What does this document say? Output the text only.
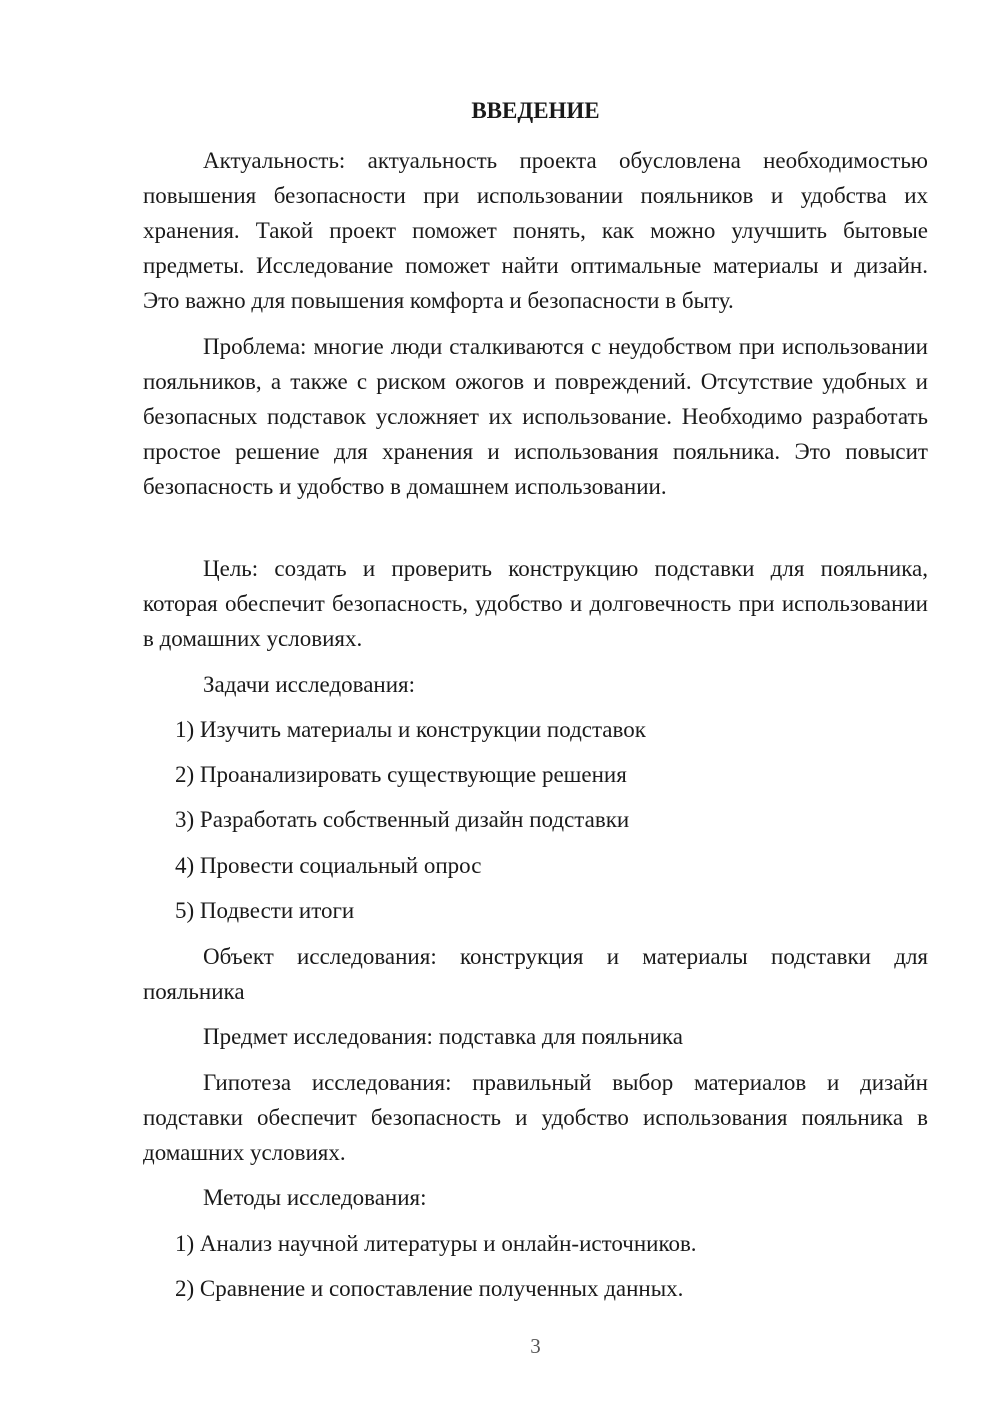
ВВЕДЕНИЕ

Актуальность: актуальность проекта обусловлена необходимостью повышения безопасности при использовании пояльников и удобства их хранения. Такой проект поможет понять, как можно улучшить бытовые предметы. Исследование поможет найти оптимальные материалы и дизайн. Это важно для повышения комфорта и безопасности в быту.

Проблема: многие люди сталкиваются с неудобством при использовании пояльников, а также с риском ожогов и повреждений. Отсутствие удобных и безопасных подставок усложняет их использование. Необходимо разработать простое решение для хранения и использования пояльника. Это повысит безопасность и удобство в домашнем использовании.

Цель: создать и проверить конструкцию подставки для пояльника, которая обеспечит безопасность, удобство и долговечность при использовании в домашних условиях.

Задачи исследования:

1) Изучить материалы и конструкции подставок

2) Проанализировать существующие решения

3) Разработать собственный дизайн подставки

4) Провести социальный опрос

5) Подвести итоги

Объект исследования: конструкция и материалы подставки для пояльника

Предмет исследования: подставка для пояльника

Гипотеза исследования: правильный выбор материалов и дизайн подставки обеспечит безопасность и удобство использования пояльника в домашних условиях.

Методы исследования:

1) Анализ научной литературы и онлайн-источников.

2) Сравнение и сопоставление полученных данных.

3
